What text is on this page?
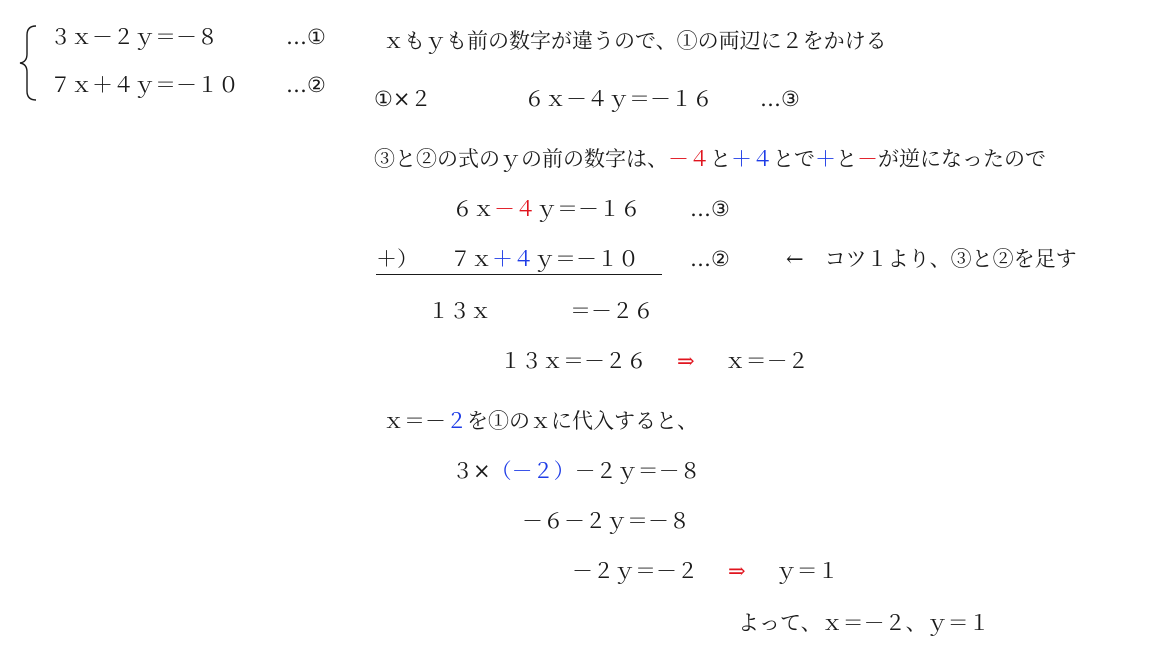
３ｘ－２ｙ＝－８	…①
７ｘ＋４ｙ＝－１０ …②
ｘもｙも前の数字が違うので、①の両辺に２をかける
①×２	６ｘ－４ｙ＝－１６ …③
③と②の式のｙの前の数字は、－４と＋４とで＋と－が逆になったので
６ｘ－４ｙ＝－１６ …③
＋） ７ｘ＋４ｙ＝－１０	…②	←　コツ１より、③と②を足す
１３ｘ	＝－２６
１３ｘ＝－２６ ⇒ ｘ＝－２
ｘ＝－２を①のｘに代入すると、
３×（－２）－２ｙ＝－８
－６－２ｙ＝－８
－２ｙ＝－２ ⇒ ｙ＝１
よって、ｘ＝－２、ｙ＝１
